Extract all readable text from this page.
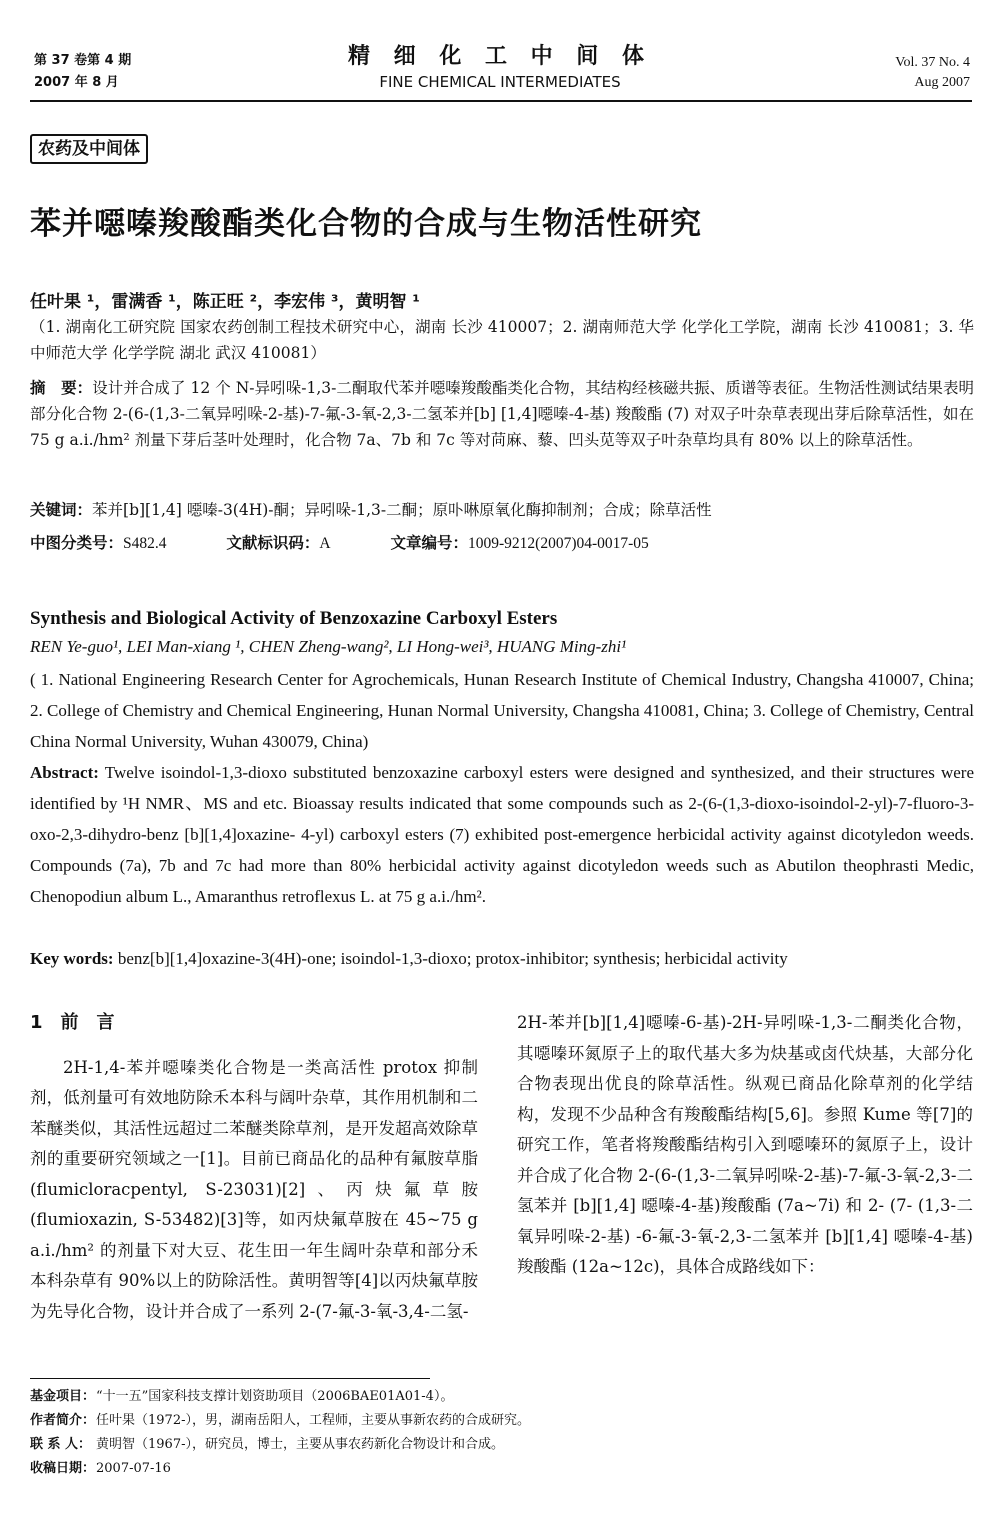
第 37 卷第 4 期
2007 年 8 月
精 细 化 工 中 间 体
FINE CHEMICAL INTERMEDIATES
Vol. 37 No. 4
Aug 2007
农药及中间体
苯并噁嗪羧酸酯类化合物的合成与生物活性研究
任叶果 ¹，雷满香 ¹，陈正旺 ²，李宏伟 ³，黄明智 ¹
（1. 湖南化工研究院 国家农药创制工程技术研究中心，湖南 长沙 410007；2. 湖南师范大学 化学化工学院，湖南 长沙 410081；3. 华中师范大学 化学学院 湖北 武汉 410081）
摘　要：设计并合成了 12 个 N-异吲哚-1,3-二酮取代苯并噁嗪羧酸酯类化合物，其结构经核磁共振、质谱等表征。生物活性测试结果表明部分化合物 2-(6-(1,3-二氧异吲哚-2-基)-7-氟-3-氧-2,3-二氢苯并[b] [1,4]噁嗪-4-基) 羧酸酯 (7) 对双子叶杂草表现出芽后除草活性，如在 75 g a.i./hm² 剂量下芽后茎叶处理时，化合物 7a、7b 和 7c 等对苘麻、藜、凹头苋等双子叶杂草均具有 80% 以上的除草活性。
关键词：苯并[b][1,4] 噁嗪-3(4H)-酮；异吲哚-1,3-二酮；原卟啉原氧化酶抑制剂；合成；除草活性
中图分类号：S482.4	文献标识码：A	文章编号：1009-9212(2007)04-0017-05
Synthesis and Biological Activity of Benzoxazine Carboxyl Esters
REN Ye-guo¹, LEI Man-xiang ¹, CHEN Zheng-wang², LI Hong-wei³, HUANG Ming-zhi¹
( 1. National Engineering Research Center for Agrochemicals, Hunan Research Institute of Chemical Industry, Changsha 410007, China; 2. College of Chemistry and Chemical Engineering, Hunan Normal University, Changsha 410081, China; 3. College of Chemistry, Central China Normal University, Wuhan 430079, China)
Abstract: Twelve isoindol-1,3-dioxo substituted benzoxazine carboxyl esters were designed and synthesized, and their structures were identified by ¹H NMR、MS and etc. Bioassay results indicated that some compounds such as 2-(6-(1,3-dioxo-isoindol-2-yl)-7-fluoro-3-oxo-2,3-dihydro-benz [b][1,4]oxazine- 4-yl) carboxyl esters (7) exhibited post-emergence herbicidal activity against dicotyledon weeds. Compounds (7a), 7b and 7c had more than 80% herbicidal activity against dicotyledon weeds such as Abutilon theophrasti Medic, Chenopodiun album L., Amaranthus retroflexus L. at 75 g a.i./hm².
Key words: benz[b][1,4]oxazine-3(4H)-one; isoindol-1,3-dioxo; protox-inhibitor; synthesis; herbicidal activity
1　前　言
2H-1,4-苯并噁嗪类化合物是一类高活性 protox 抑制剂，低剂量可有效地防除禾本科与阔叶杂草，其作用机制和二苯醚类似，其活性远超过二苯醚类除草剂，是开发超高效除草剂的重要研究领域之一[1]。目前已商品化的品种有氟胺草脂 (flumicloracpentyl, S-23031)[2]、丙炔氟草胺 (flumioxazin, S-53482)[3]等，如丙炔氟草胺在 45~75 g a.i./hm² 的剂量下对大豆、花生田一年生阔叶杂草和部分禾本科杂草有 90%以上的防除活性。黄明智等[4]以丙炔氟草胺为先导化合物，设计并合成了一系列 2-(7-氟-3-氧-3,4-二氢-
2H-苯并[b][1,4]噁嗪-6-基)-2H-异吲哚-1,3-二酮类化合物，其噁嗪环氮原子上的取代基大多为炔基或卤代炔基，大部分化合物表现出优良的除草活性。纵观已商品化除草剂的化学结构，发现不少品种含有羧酸酯结构[5,6]。参照 Kume 等[7]的研究工作，笔者将羧酸酯结构引入到噁嗪环的氮原子上，设计并合成了化合物 2-(6-(1,3-二氧异吲哚-2-基)-7-氟-3-氧-2,3-二氢苯并 [b][1,4] 噁嗪-4-基)羧酸酯 (7a~7i) 和 2- (7- (1,3-二氧异吲哚-2-基) -6-氟-3-氧-2,3-二氢苯并 [b][1,4] 噁嗪-4-基) 羧酸酯 (12a~12c)，具体合成路线如下：
基金项目：“十一五”国家科技支撑计划资助项目（2006BAE01A01-4）。
作者简介：任叶果（1972-），男，湖南岳阳人，工程师，主要从事新农药的合成研究。
联 系 人： 黄明智（1967-），研究员，博士，主要从事农药新化合物设计和合成。
收稿日期：2007-07-16
